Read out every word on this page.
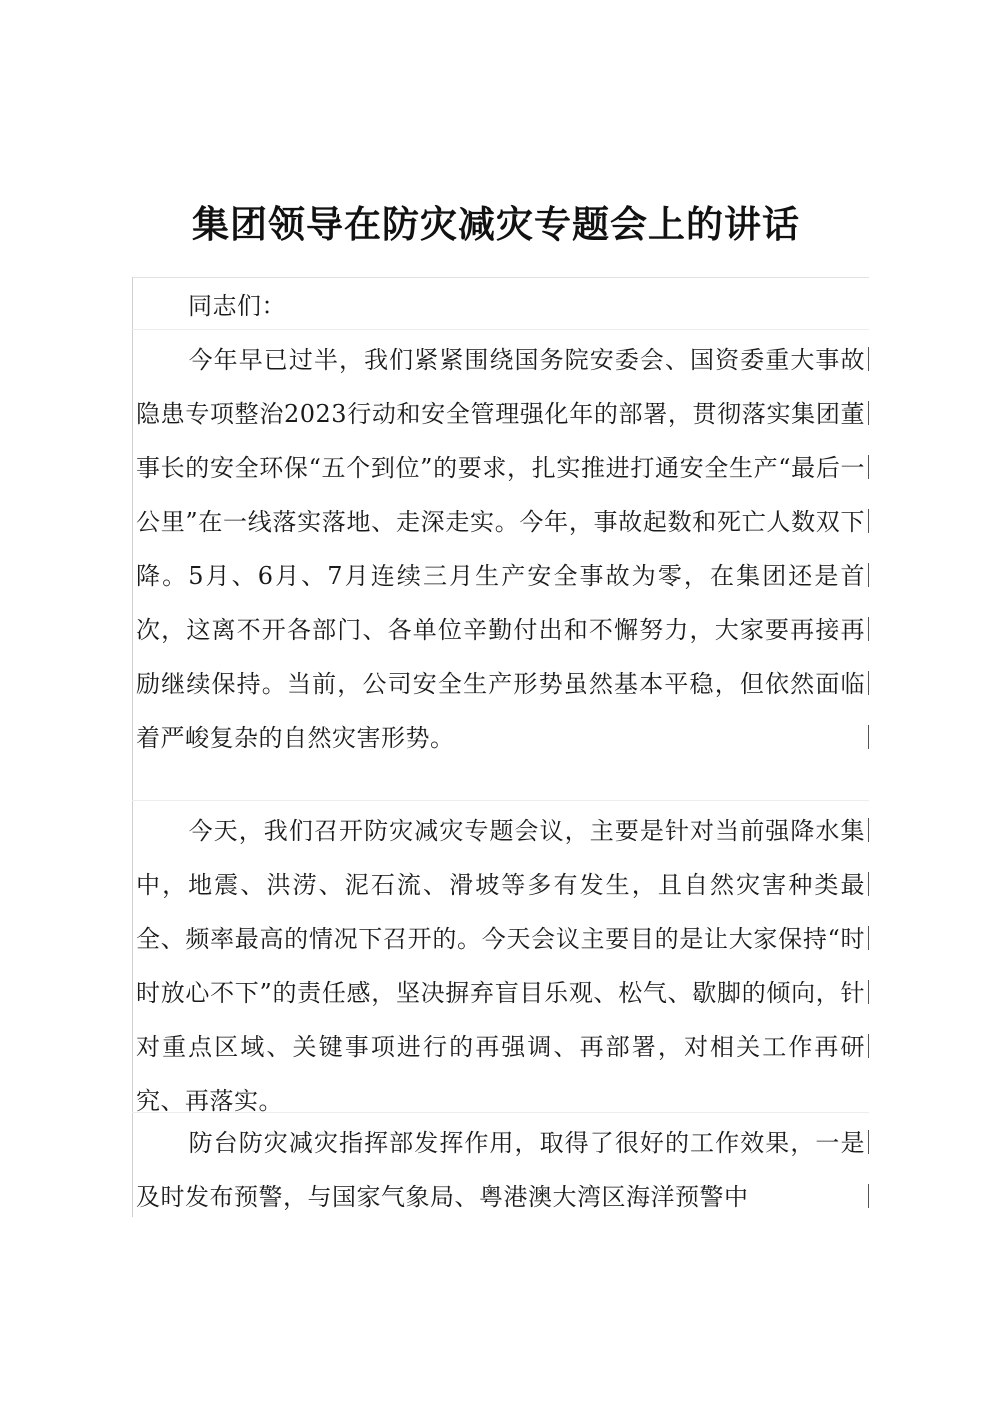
集团领导在防灾减灾专题会上的讲话
同志们：
今年早已过半，我们紧紧围绕国务院安委会、国资委重大事故隐患专项整治2023行动和安全管理强化年的部署，贯彻落实集团董事长的安全环保“五个到位”的要求，扎实推进打通安全生产“最后一公里”在一线落实落地、走深走实。今年，事故起数和死亡人数双下降。5月、6月、7月连续三月生产安全事故为零，在集团还是首次，这离不开各部门、各单位辛勤付出和不懈努力，大家要再接再励继续保持。当前，公司安全生产形势虽然基本平稳，但依然面临着严峻复杂的自然灾害形势。
今天，我们召开防灾减灾专题会议，主要是针对当前强降水集中，地震、洪涝、泥石流、滑坡等多有发生，且自然灾害种类最全、频率最高的情况下召开的。今天会议主要目的是让大家保持“时时放心不下”的责任感，坚决摒弃盲目乐观、松气、歇脚的倾向，针对重点区域、关键事项进行的再强调、再部署，对相关工作再研究、再落实。
防台防灾减灾指挥部发挥作用，取得了很好的工作效果，一是及时发布预警，与国家气象局、粤港澳大湾区海洋预警中
